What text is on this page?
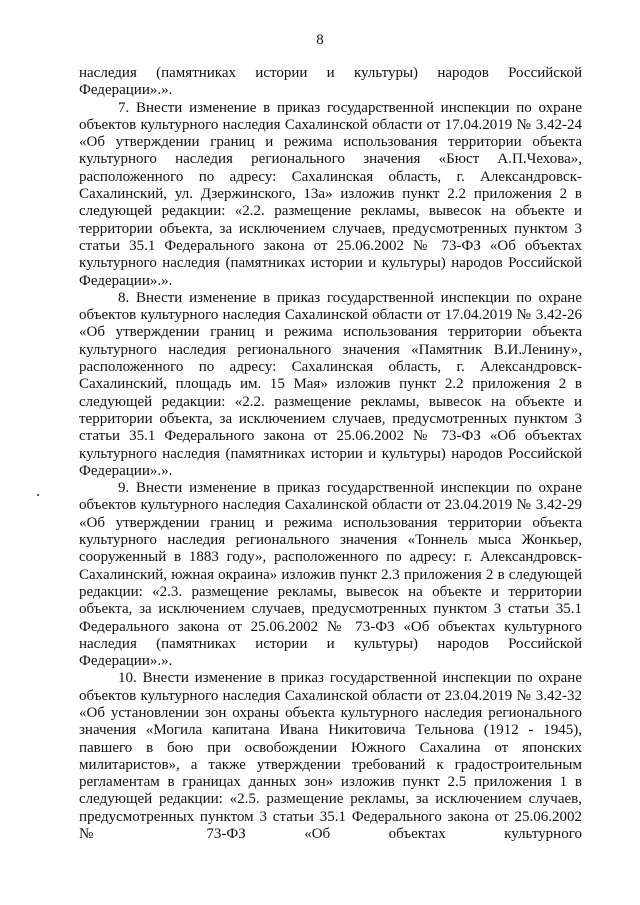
8

наследия (памятниках истории и культуры) народов Российской Федерации».».

7. Внести изменение в приказ государственной инспекции по охране объектов культурного наследия Сахалинской области от 17.04.2019 № 3.42-24 «Об утверждении границ и режима использования территории объекта культурного наследия регионального значения «Бюст А.П.Чехова», расположенного по адресу: Сахалинская область, г. Александровск-Сахалинский, ул. Дзержинского, 13а» изложив пункт 2.2 приложения 2 в следующей редакции: «2.2. размещение рекламы, вывесок на объекте и территории объекта, за исключением случаев, предусмотренных пунктом 3 статьи 35.1 Федерального закона от 25.06.2002 № 73-ФЗ «Об объектах культурного наследия (памятниках истории и культуры) народов Российской Федерации».».

8. Внести изменение в приказ государственной инспекции по охране объектов культурного наследия Сахалинской области от 17.04.2019 № 3.42-26 «Об утверждении границ и режима использования территории объекта культурного наследия регионального значения «Памятник В.И.Ленину», расположенного по адресу: Сахалинская область, г. Александровск-Сахалинский, площадь им. 15 Мая» изложив пункт 2.2 приложения 2 в следующей редакции: «2.2. размещение рекламы, вывесок на объекте и территории объекта, за исключением случаев, предусмотренных пунктом 3 статьи 35.1 Федерального закона от 25.06.2002 № 73-ФЗ «Об объектах культурного наследия (памятниках истории и культуры) народов Российской Федерации».».

9. Внести изменение в приказ государственной инспекции по охране объектов культурного наследия Сахалинской области от 23.04.2019 № 3.42-29 «Об утверждении границ и режима использования территории объекта культурного наследия регионального значения «Тоннель мыса Жонкьер, сооруженный в 1883 году», расположенного по адресу: г. Александровск-Сахалинский, южная окраина» изложив пункт 2.3 приложения 2 в следующей редакции: «2.3. размещение рекламы, вывесок на объекте и территории объекта, за исключением случаев, предусмотренных пунктом 3 статьи 35.1 Федерального закона от 25.06.2002 № 73-ФЗ «Об объектах культурного наследия (памятниках истории и культуры) народов Российской Федерации».».

10. Внести изменение в приказ государственной инспекции по охране объектов культурного наследия Сахалинской области от 23.04.2019 № 3.42-32 «Об установлении зон охраны объекта культурного наследия регионального значения «Могила капитана Ивана Никитовича Тельнова (1912 - 1945), павшего в бою при освобождении Южного Сахалина от японских милитаристов», а также утверждении требований к градостроительным регламентам в границах данных зон» изложив пункт 2.5 приложения 1 в следующей редакции: «2.5. размещение рекламы, за исключением случаев, предусмотренных пунктом 3 статьи 35.1 Федерального закона от 25.06.2002 № 73-ФЗ «Об объектах культурного
